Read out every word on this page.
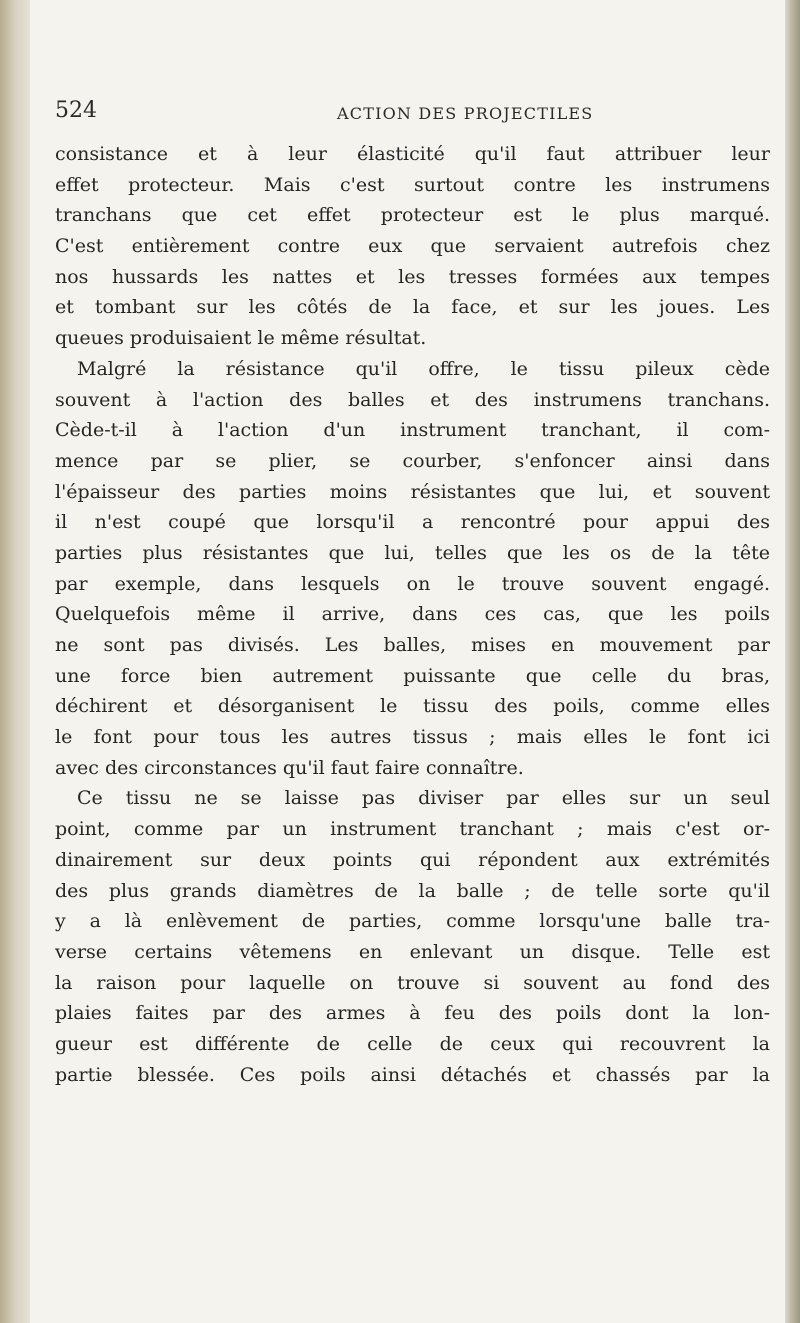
524	ACTION DES PROJECTILES
consistance et à leur élasticité qu'il faut attribuer leur
effet protecteur. Mais c'est surtout contre les instrumens
tranchans que cet effet protecteur est le plus marqué.
C'est entièrement contre eux que servaient autrefois chez
nos hussards les nattes et les tresses formées aux tempes
et tombant sur les côtés de la face, et sur les joues. Les
queues produisaient le même résultat.
Malgré la résistance qu'il offre, le tissu pileux cède
souvent à l'action des balles et des instrumens tranchans.
Cède-t-il à l'action d'un instrument tranchant, il com-
mence par se plier, se courber, s'enfoncer ainsi dans
l'épaisseur des parties moins résistantes que lui, et souvent
il n'est coupé que lorsqu'il a rencontré pour appui des
parties plus résistantes que lui, telles que les os de la tête
par exemple, dans lesquels on le trouve souvent engagé.
Quelquefois même il arrive, dans ces cas, que les poils
ne sont pas divisés. Les balles, mises en mouvement par
une force bien autrement puissante que celle du bras,
déchirent et désorganisent le tissu des poils, comme elles
le font pour tous les autres tissus ; mais elles le font ici
avec des circonstances qu'il faut faire connaître.
Ce tissu ne se laisse pas diviser par elles sur un seul
point, comme par un instrument tranchant ; mais c'est or-
dinairement sur deux points qui répondent aux extrémités
des plus grands diamètres de la balle ; de telle sorte qu'il
y a là enlèvement de parties, comme lorsqu'une balle tra-
verse certains vêtemens en enlevant un disque. Telle est
la raison pour laquelle on trouve si souvent au fond des
plaies faites par des armes à feu des poils dont la lon-
gueur est différente de celle de ceux qui recouvrent la
partie blessée. Ces poils ainsi détachés et chassés par la
